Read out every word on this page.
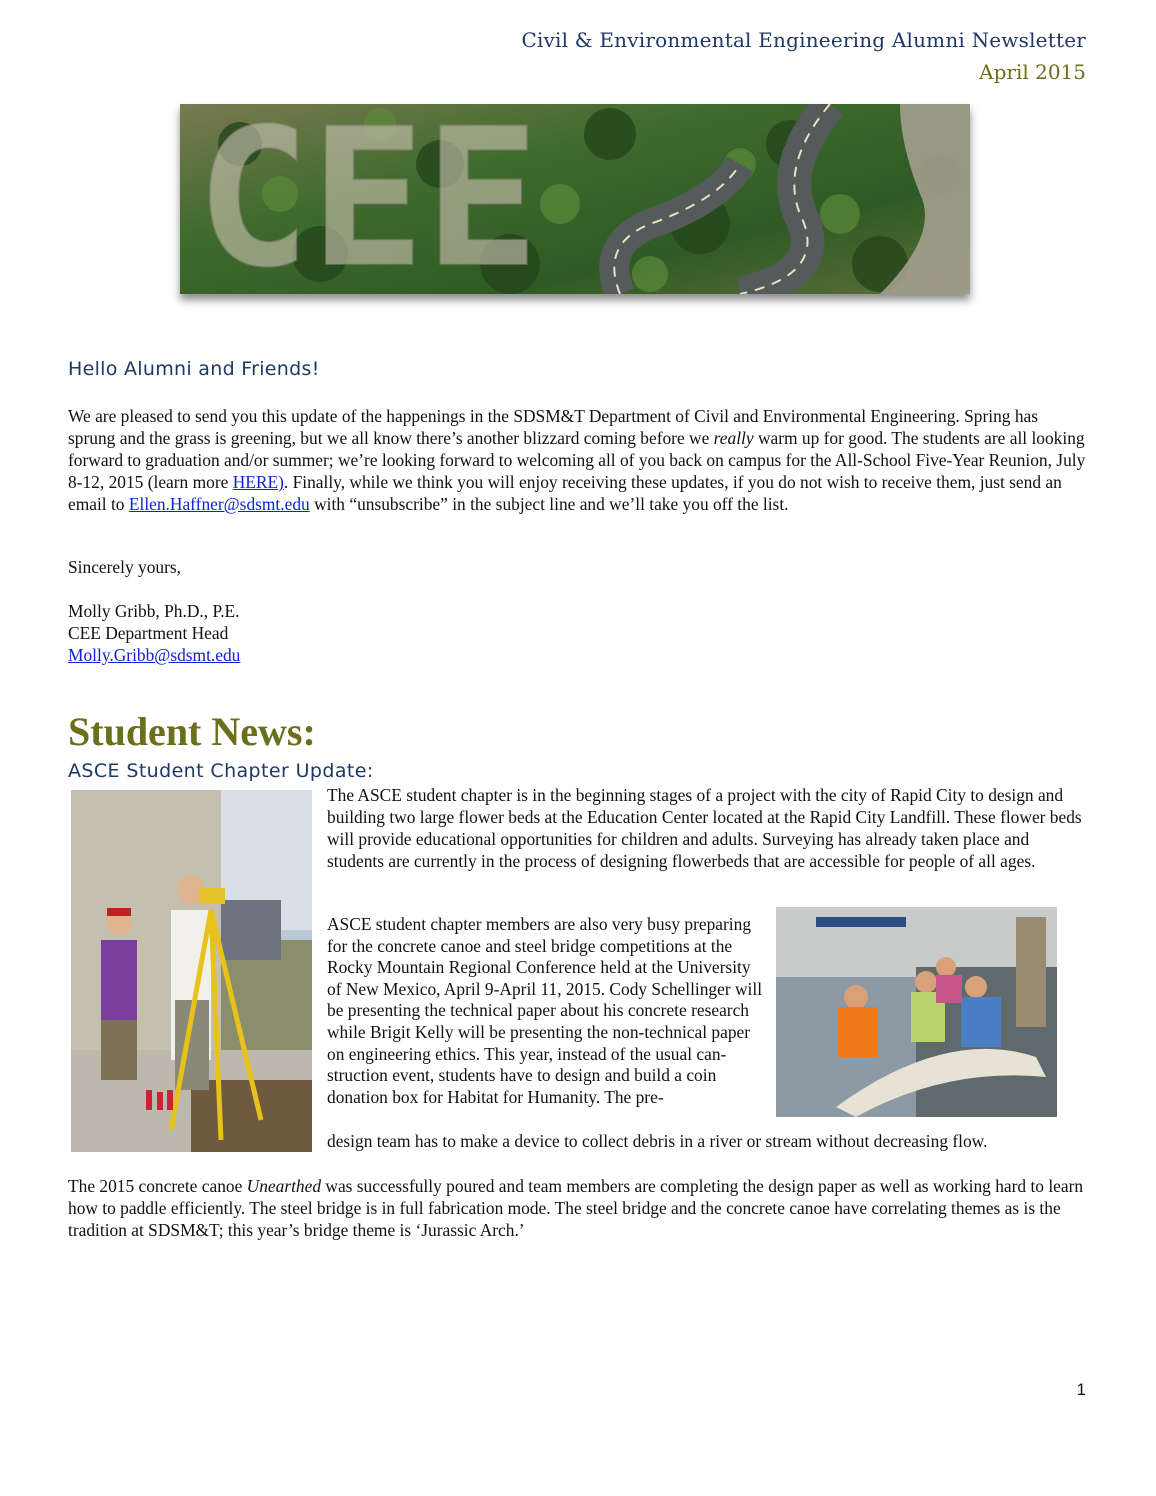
Civil & Environmental Engineering Alumni Newsletter
April 2015
CEE
Hello Alumni and Friends!

We are pleased to send you this update of the happenings in the SDSM&T Department of Civil and Environmental Engineering. Spring has sprung and the grass is greening, but we all know there’s another blizzard coming before we really warm up for good. The students are all looking forward to graduation and/or summer; we’re looking forward to welcoming all of you back on campus for the All-School Five-Year Reunion, July 8-12, 2015 (learn more HERE). Finally, while we think you will enjoy receiving these updates, if you do not wish to receive them, just send an email to Ellen.Haffner@sdsmt.edu with “unsubscribe” in the subject line and we’ll take you off the list.

Sincerely yours,
Molly Gribb, Ph.D., P.E.
CEE Department Head
Molly.Gribb@sdsmt.edu
Student News:
ASCE Student Chapter Update:

The ASCE student chapter is in the beginning stages of a project with the city of Rapid City to design and building two large flower beds at the Education Center located at the Rapid City Landfill. These flower beds will provide educational opportunities for children and adults. Surveying has already taken place and students are currently in the process of designing flowerbeds that are accessible for people of all ages.

ASCE student chapter members are also very busy preparing for the concrete canoe and steel bridge competitions at the Rocky Mountain Regional Conference held at the University of New Mexico, April 9-April 11, 2015. Cody Schellinger will be presenting the technical paper about his concrete research while Brigit Kelly will be presenting the non-technical paper on engineering ethics. This year, instead of the usual can-struction event, students have to design and build a coin donation box for Habitat for Humanity. The pre-

design team has to make a device to collect debris in a river or stream without decreasing flow.

The 2015 concrete canoe Unearthed was successfully poured and team members are completing the design paper as well as working hard to learn how to paddle efficiently. The steel bridge is in full fabrication mode. The steel bridge and the concrete canoe have correlating themes as is the tradition at SDSM&T; this year’s bridge theme is ‘Jurassic Arch.’

1
